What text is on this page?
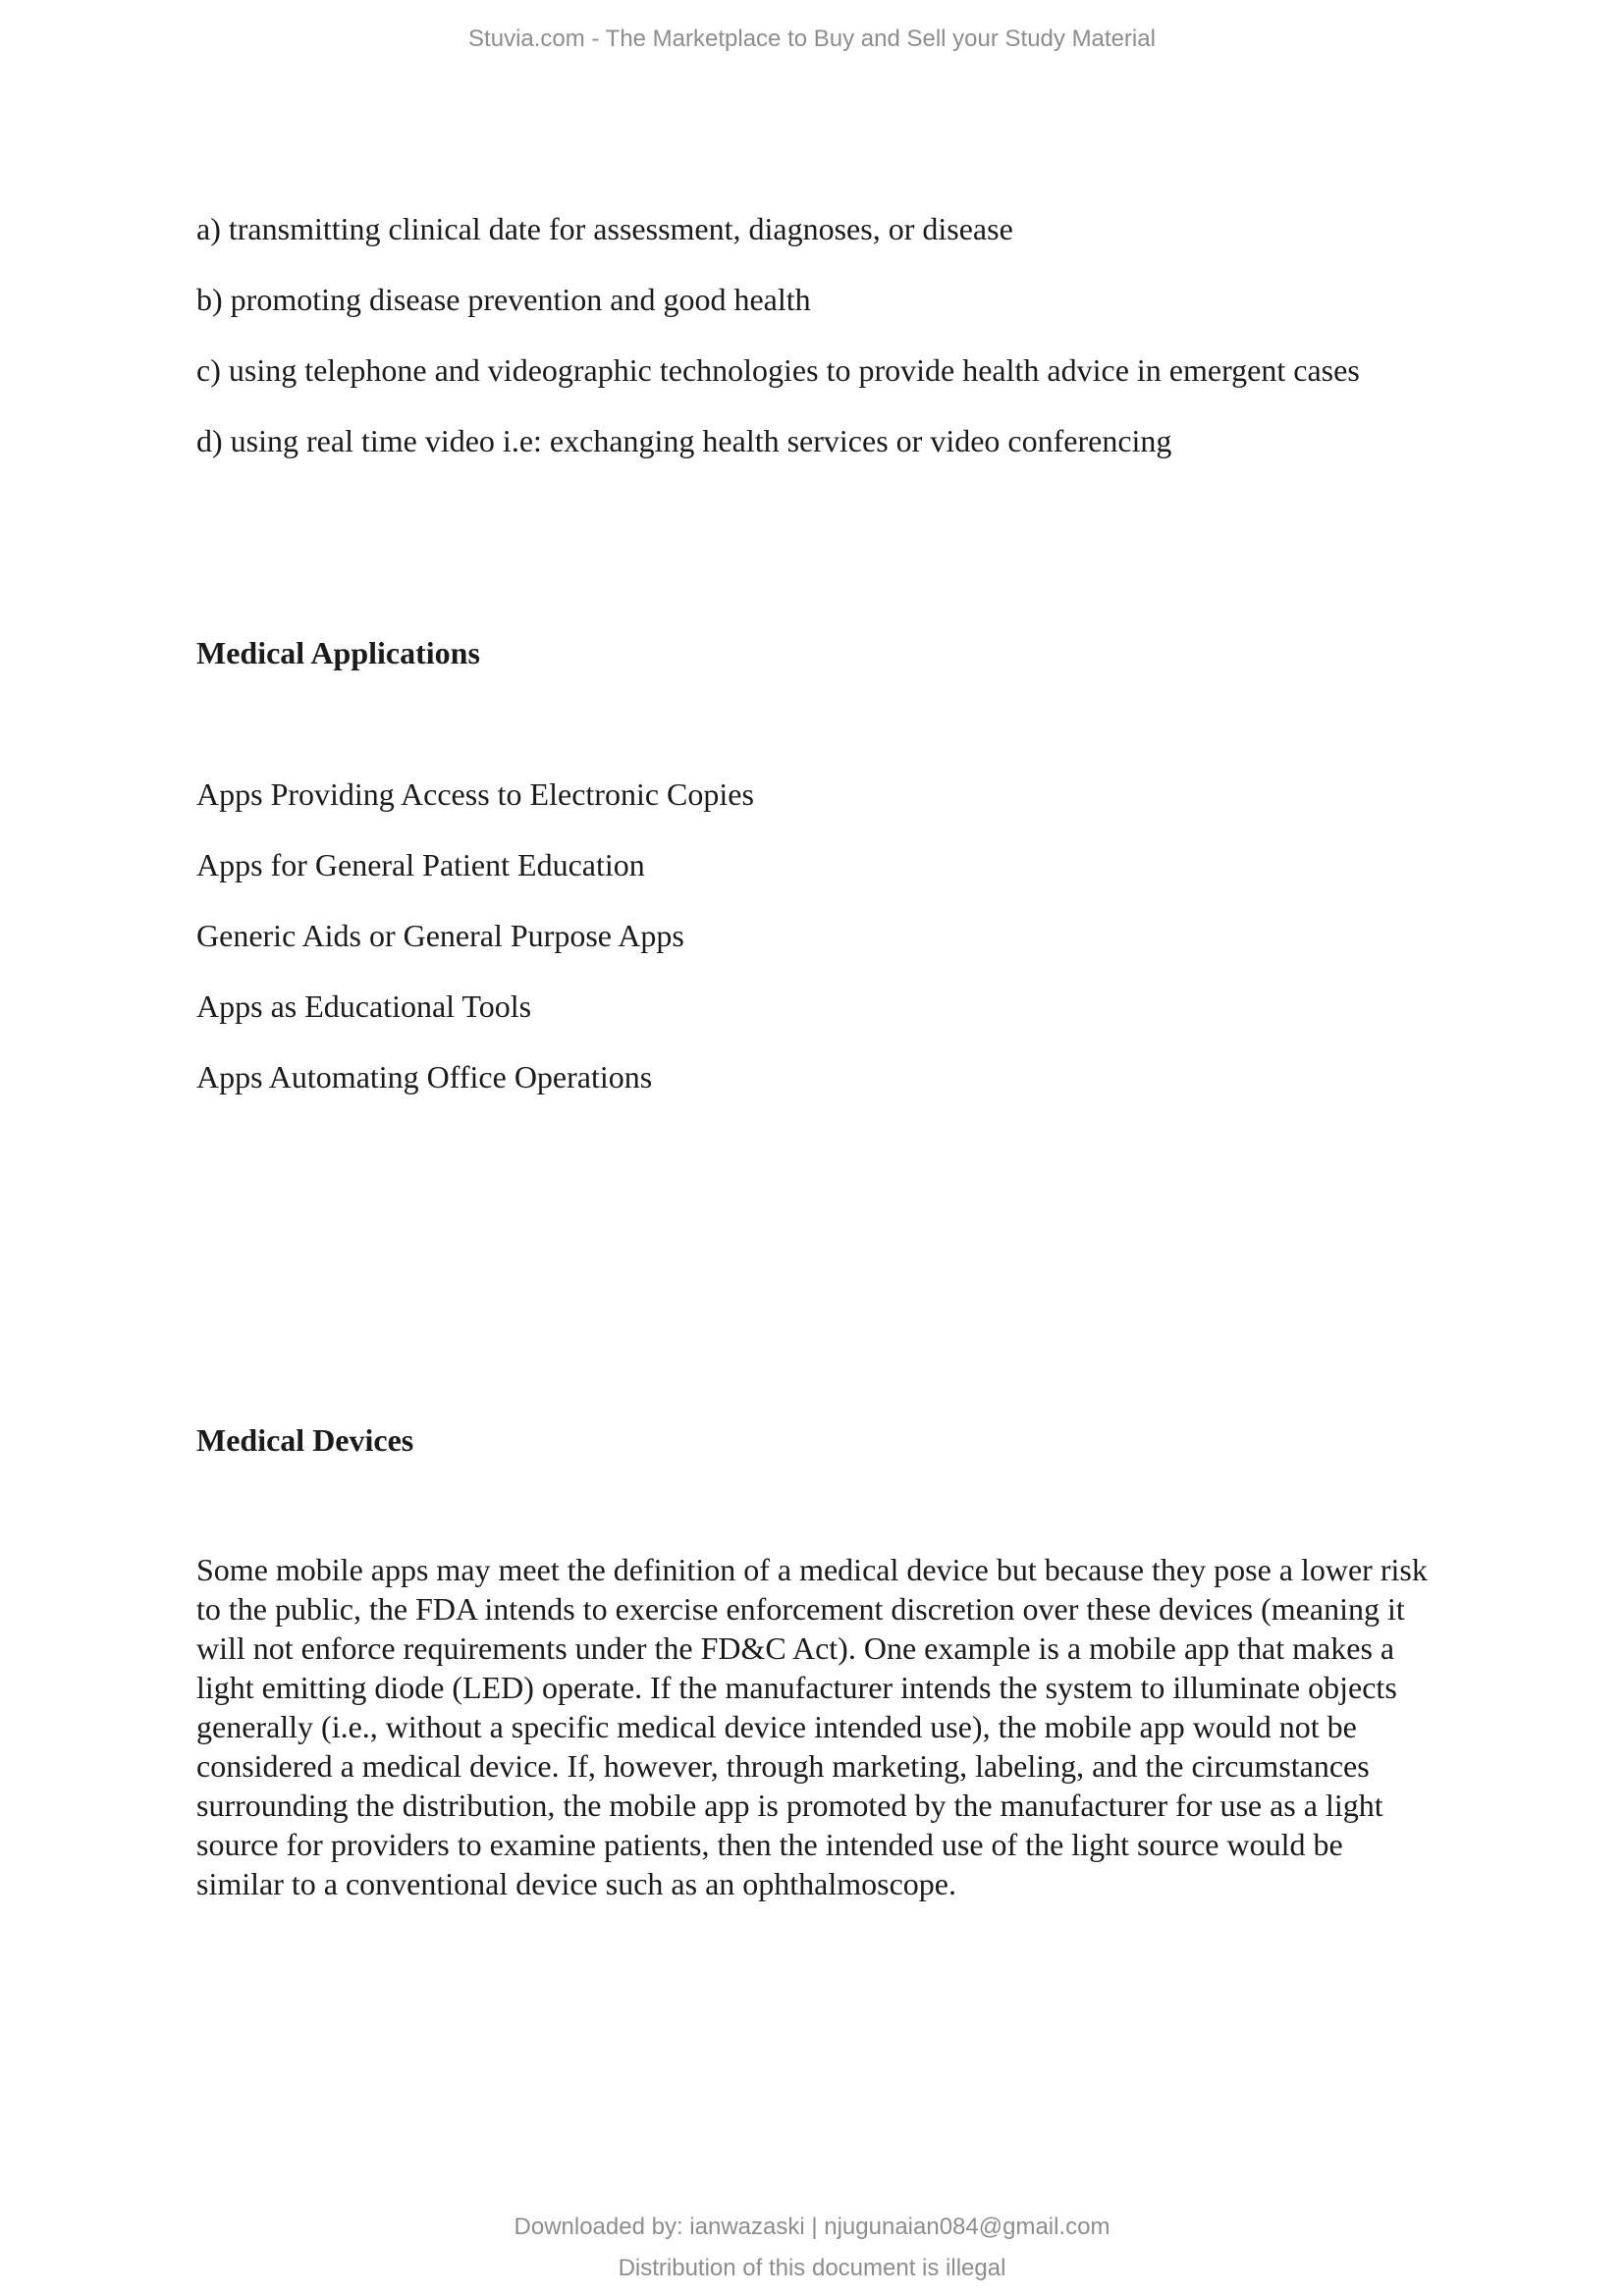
Stuvia.com - The Marketplace to Buy and Sell your Study Material

a) transmitting clinical date for assessment, diagnoses, or disease

b) promoting disease prevention and good health

c) using telephone and videographic technologies to provide health advice in emergent cases

d) using real time video i.e: exchanging health services or video conferencing

Medical Applications

Apps Providing Access to Electronic Copies

Apps for General Patient Education

Generic Aids or General Purpose Apps

Apps as Educational Tools

Apps Automating Office Operations

Medical Devices

Some mobile apps may meet the definition of a medical device but because they pose a lower risk to the public, the FDA intends to exercise enforcement discretion over these devices (meaning it will not enforce requirements under the FD&C Act). One example is a mobile app that makes a light emitting diode (LED) operate. If the manufacturer intends the system to illuminate objects generally (i.e., without a specific medical device intended use), the mobile app would not be considered a medical device. If, however, through marketing, labeling, and the circumstances surrounding the distribution, the mobile app is promoted by the manufacturer for use as a light source for providers to examine patients, then the intended use of the light source would be similar to a conventional device such as an ophthalmoscope.

Downloaded by: ianwazaski | njugunaian084@gmail.com
Distribution of this document is illegal
